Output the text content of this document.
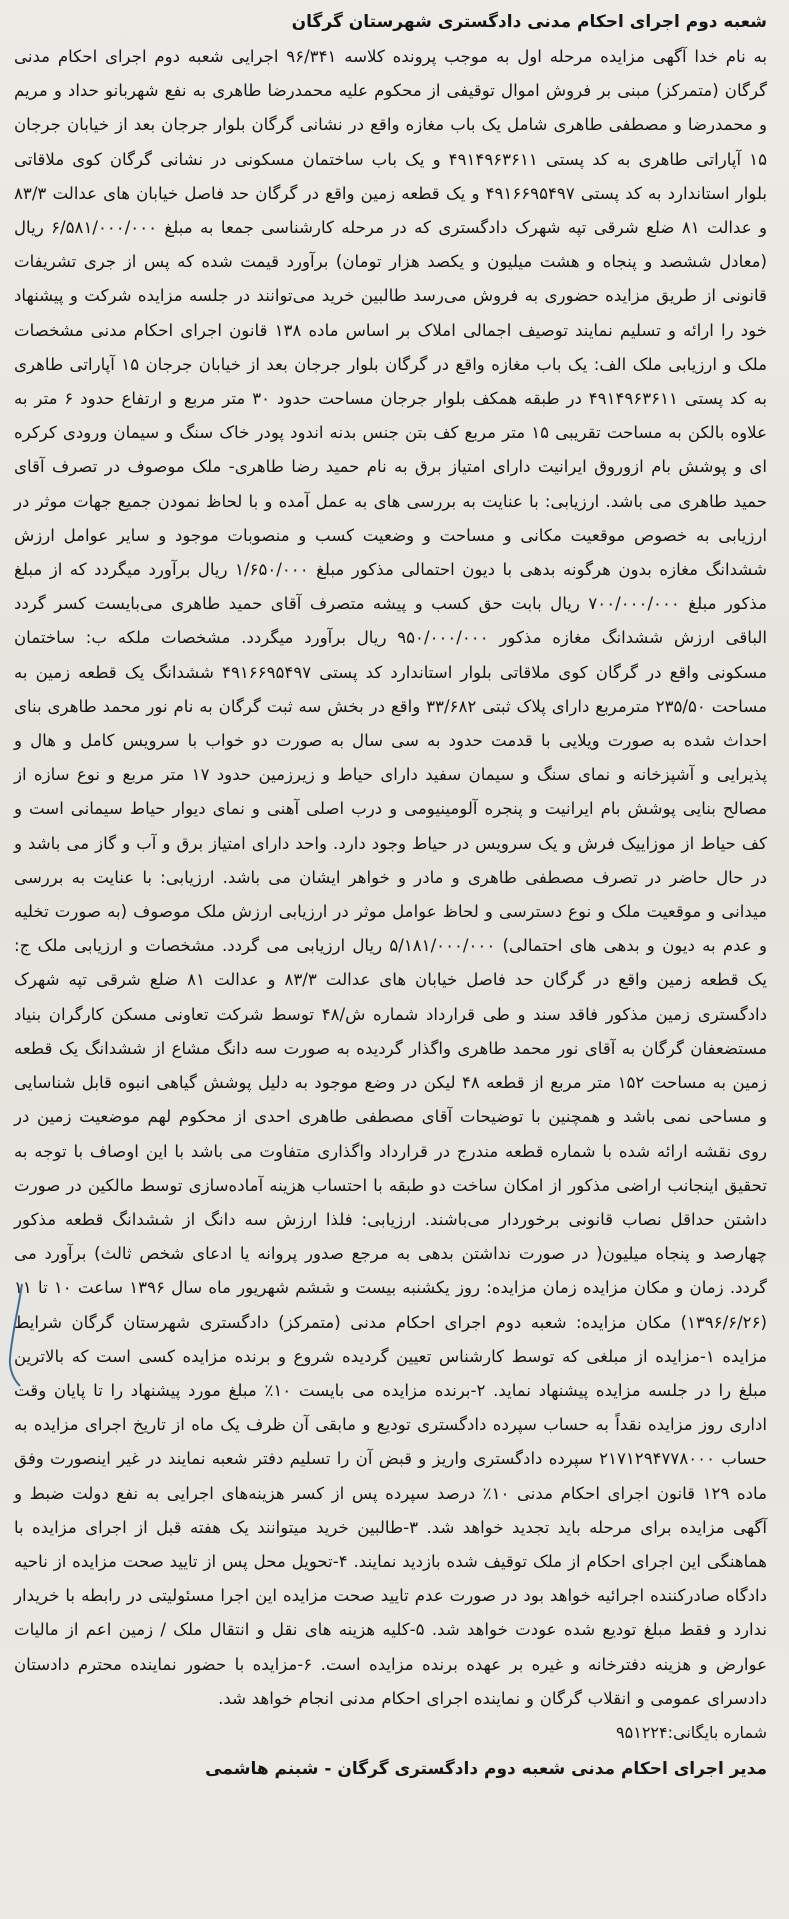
شعبه دوم اجرای احکام مدنی دادگستری شهرستان گرگان

به نام خدا آگهی مزایده مرحله اول به موجب پرونده کلاسه ۹۶/۳۴۱ اجرایی شعبه دوم اجرای احکام مدنی گرگان (متمرکز) مبنی بر فروش اموال توقیفی از محکوم علیه محمدرضا طاهری به نفع شهربانو حداد و مریم و محمدرضا و مصطفی طاهری شامل یک باب مغازه واقع در نشانی گرگان بلوار جرجان بعد از خیابان جرجان ۱۵ آپاراتی طاهری به کد پستی ۴۹۱۴۹۶۳۶۱۱ و یک باب ساختمان مسکونی در نشانی گرگان کوی ملاقاتی بلوار استاندارد به کد پستی ۴۹۱۶۶۹۵۴۹۷ و یک قطعه زمین واقع در گرگان حد فاصل خیابان های عدالت ۸۳/۳ و عدالت ۸۱ ضلع شرقی تپه شهرک دادگستری که در مرحله کارشناسی جمعا به مبلغ ۶/۵۸۱/۰۰۰/۰۰۰ ریال (معادل ششصد و پنجاه و هشت میلیون و یکصد هزار تومان) برآورد قیمت شده که پس از جری تشریفات قانونی از طریق مزایده حضوری به فروش می‌رسد طالبین خرید می‌توانند در جلسه مزایده شرکت و پیشنهاد خود را ارائه و تسلیم نمایند توصیف اجمالی املاک بر اساس ماده ۱۳۸ قانون اجرای احکام مدنی مشخصات ملک و ارزیابی ملک الف: یک باب مغازه واقع در گرگان بلوار جرجان بعد از خیابان جرجان ۱۵ آپاراتی طاهری به کد پستی ۴۹۱۴۹۶۳۶۱۱ در طبقه همکف بلوار جرجان مساحت حدود ۳۰ متر مربع و ارتفاع حدود ۶ متر به علاوه بالکن به مساحت تقریبی ۱۵ متر مربع کف بتن جنس بدنه اندود پودر خاک سنگ و سیمان ورودی کرکره ای و پوشش بام ازوروق ایرانیت دارای امتیاز برق به نام حمید رضا طاهری- ملک موصوف در تصرف آقای حمید طاهری می باشد. ارزیابی: با عنایت به بررسی های به عمل آمده و با لحاظ نمودن جمیع جهات موثر در ارزیابی به خصوص موقعیت مکانی و مساحت و وضعیت کسب و منصوبات موجود و سایر عوامل ارزش ششدانگ مغازه بدون هرگونه بدهی با دیون احتمالی مذکور مبلغ ۱/۶۵۰/۰۰۰ ریال برآورد میگردد که از مبلغ مذکور مبلغ ۷۰۰/۰۰۰/۰۰۰ ریال بابت حق کسب و پیشه متصرف آقای حمید طاهری می‌بایست کسر گردد الباقی ارزش ششدانگ مغازه مذکور ۹۵۰/۰۰۰/۰۰۰ ریال برآورد میگردد. مشخصات ملکه ب: ساختمان مسکونی واقع در گرگان کوی ملاقاتی بلوار استاندارد کد پستی ۴۹۱۶۶۹۵۴۹۷ ششدانگ یک قطعه زمین به مساحت ۲۳۵/۵۰ مترمربع دارای پلاک ثبتی ۳۳/۶۸۲ واقع در بخش سه ثبت گرگان به نام نور محمد طاهری بنای احداث شده به صورت ویلایی با قدمت حدود به سی سال به صورت دو خواب با سرویس کامل و هال و پذیرایی و آشپزخانه و نمای سنگ و سیمان سفید دارای حیاط و زیرزمین حدود ۱۷ متر مربع و نوع سازه از مصالح بنایی پوشش بام ایرانیت و پنجره آلومینیومی و درب اصلی آهنی و نمای دیوار حیاط سیمانی است و کف حیاط از موزاییک فرش و یک سرویس در حیاط وجود دارد. واحد دارای امتیاز برق و آب و گاز می باشد و در حال حاضر در تصرف مصطفی طاهری و مادر و خواهر ایشان می باشد. ارزیابی: با عنایت به بررسی میدانی و موقعیت ملک و نوع دسترسی و لحاظ عوامل موثر در ارزیابی ارزش ملک موصوف (به صورت تخلیه و عدم به دیون و بدهی های احتمالی) ۵/۱۸۱/۰۰۰/۰۰۰ ریال ارزیابی می گردد. مشخصات و ارزیابی ملک ج: یک قطعه زمین واقع در گرگان حد فاصل خیابان های عدالت ۸۳/۳ و عدالت ۸۱ ضلع شرقی تپه شهرک دادگستری زمین مذکور فاقد سند و طی قرارداد شماره ش/۴۸ توسط شرکت تعاونی مسکن کارگران بنیاد مستضعفان گرگان به آقای نور محمد طاهری واگذار گردیده به صورت سه دانگ مشاع از ششدانگ یک قطعه زمین به مساحت ۱۵۲ متر مربع از قطعه ۴۸ لیکن در وضع موجود به دلیل پوشش گیاهی انبوه قابل شناسایی و مساحی نمی باشد و همچنین با توضیحات آقای مصطفی طاهری احدی از محکوم لهم موضعیت زمین در روی نقشه ارائه شده با شماره قطعه مندرج در قرارداد واگذاری متفاوت می باشد با این اوصاف با توجه به تحقیق اینجانب اراضی مذکور از امکان ساخت دو طبقه با احتساب هزینه آماده‌سازی توسط مالکین در صورت داشتن حداقل نصاب قانونی برخوردار می‌باشند. ارزیابی: فلذا ارزش سه دانگ از ششدانگ قطعه مذکور چهارصد و پنجاه میلیون( در صورت نداشتن بدهی به مرجع صدور پروانه یا ادعای شخص ثالث) برآورد می گردد. زمان و مکان مزایده زمان مزایده: روز یکشنبه بیست و ششم شهریور ماه سال ۱۳۹۶ ساعت ۱۰ تا ۱۱ (۱۳۹۶/۶/۲۶) مکان مزایده: شعبه دوم اجرای احکام مدنی (متمرکز) دادگستری شهرستان گرگان شرایط مزایده ۱-مزایده از مبلغی که توسط کارشناس تعیین گردیده شروع و برنده مزایده کسی است که بالاترین مبلغ را در جلسه مزایده پیشنهاد نماید. ۲-برنده مزایده می بایست ۱۰٪ مبلغ مورد پیشنهاد را تا پایان وقت اداری روز مزایده نقداً به حساب سپرده دادگستری تودیع و مابقی آن ظرف یک ماه از تاریخ اجرای مزایده به حساب ۲۱۷۱۲۹۴۷۷۸۰۰۰ سپرده دادگستری واریز و قبض آن را تسلیم دفتر شعبه نمایند در غیر اینصورت وفق ماده ۱۲۹ قانون اجرای احکام مدنی ۱۰٪ درصد سپرده پس از کسر هزینه‌های اجرایی به نفع دولت ضبط و آگهی مزایده برای مرحله باید تجدید خواهد شد. ۳-طالبین خرید میتوانند یک هفته قبل از اجرای مزایده با هماهنگی این اجرای احکام از ملک توقیف شده بازدید نمایند. ۴-تحویل محل پس از تایید صحت مزایده از ناحیه دادگاه صادرکننده اجرائیه خواهد بود در صورت عدم تایید صحت مزایده این اجرا مسئولیتی در رابطه با خریدار ندارد و فقط مبلغ تودیع شده عودت خواهد شد. ۵-کلیه هزینه های نقل و انتقال ملک / زمین اعم از مالیات عوارض و هزینه دفترخانه و غیره بر عهده برنده مزایده است. ۶-مزایده با حضور نماینده محترم دادستان دادسرای عمومی و انقلاب گرگان و نماینده اجرای احکام مدنی انجام خواهد شد.

شماره بایگانی:۹۵۱۲۲۴
مدیر اجرای احکام مدنی شعبه دوم دادگستری گرگان - شبنم هاشمی
